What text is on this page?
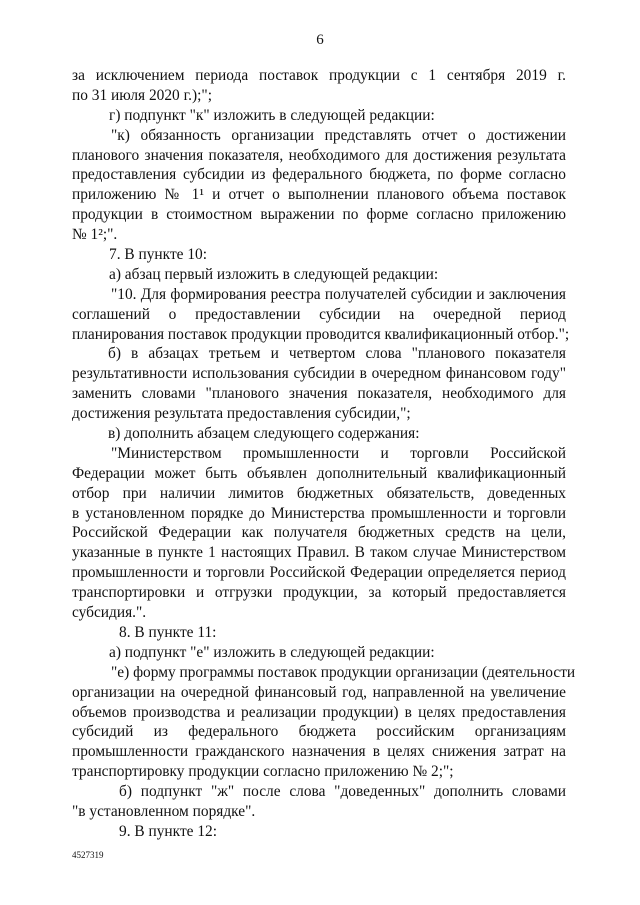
6
за исключением периода поставок продукции с 1 сентября 2019 г.
по 31 июля 2020 г.);";
г) подпункт "к" изложить в следующей редакции:
"к) обязанность организации представлять отчет о достижении
планового значения показателя, необходимого для достижения результата
предоставления субсидии из федерального бюджета, по форме согласно
приложению № 1¹ и отчет о выполнении планового объема поставок
продукции в стоимостном выражении по форме согласно приложению
№ 1²;".
7. В пункте 10:
а) абзац первый изложить в следующей редакции:
"10. Для формирования реестра получателей субсидии и заключения
соглашений о предоставлении субсидии на очередной период
планирования поставок продукции проводится квалификационный отбор.";
б) в абзацах третьем и четвертом слова "планового показателя
результативности использования субсидии в очередном финансовом году"
заменить словами "планового значения показателя, необходимого для
достижения результата предоставления субсидии,";
в) дополнить абзацем следующего содержания:
"Министерством промышленности и торговли Российской
Федерации может быть объявлен дополнительный квалификационный
отбор при наличии лимитов бюджетных обязательств, доведенных
в установленном порядке до Министерства промышленности и торговли
Российской Федерации как получателя бюджетных средств на цели,
указанные в пункте 1 настоящих Правил. В таком случае Министерством
промышленности и торговли Российской Федерации определяется период
транспортировки и отгрузки продукции, за который предоставляется
субсидия.".
8. В пункте 11:
а) подпункт "е" изложить в следующей редакции:
"е) форму программы поставок продукции организации (деятельности
организации на очередной финансовый год, направленной на увеличение
объемов производства и реализации продукции) в целях предоставления
субсидий из федерального бюджета российским организациям
промышленности гражданского назначения в целях снижения затрат на
транспортировку продукции согласно приложению № 2;";
б) подпункт "ж" после слова "доведенных" дополнить словами
"в установленном порядке".
9. В пункте 12:
4527319
